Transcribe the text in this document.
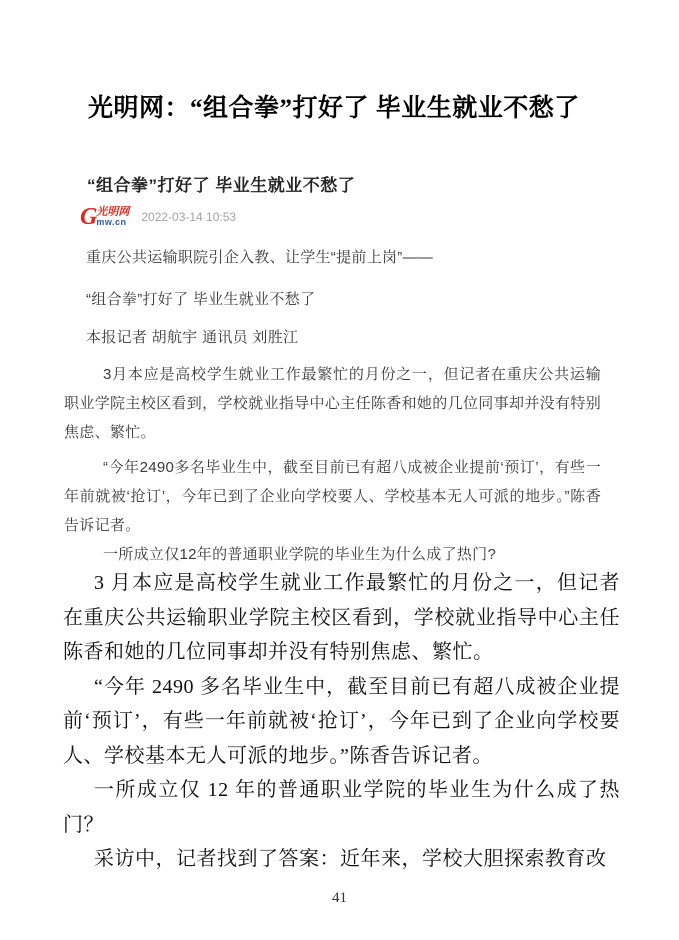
光明网：“组合拳”打好了 毕业生就业不愁了
“组合拳”打好了 毕业生就业不愁了
G 光明网
mw.cn 2022-03-14 10:53

重庆公共运输职院引企入教、让学生“提前上岗”——

“组合拳”打好了 毕业生就业不愁了

本报记者 胡航宇 通讯员 刘胜江

3月本应是高校学生就业工作最繁忙的月份之一，但记者在重庆公共运输职业学院主校区看到，学校就业指导中心主任陈香和她的几位同事却并没有特别焦虑、繁忙。

“今年2490多名毕业生中，截至目前已有超八成被企业提前‘预订’，有些一年前就被‘抢订’，今年已到了企业向学校要人、学校基本无人可派的地步。”陈香告诉记者。

一所成立仅12年的普通职业学院的毕业生为什么成了热门?

3 月本应是高校学生就业工作最繁忙的月份之一，但记者在重庆公共运输职业学院主校区看到，学校就业指导中心主任陈香和她的几位同事却并没有特别焦虑、繁忙。

“今年 2490 多名毕业生中，截至目前已有超八成被企业提前‘预订’，有些一年前就被‘抢订’，今年已到了企业向学校要人、学校基本无人可派的地步。”陈香告诉记者。

一所成立仅 12 年的普通职业学院的毕业生为什么成了热门？

采访中，记者找到了答案：近年来，学校大胆探索教育改

41
